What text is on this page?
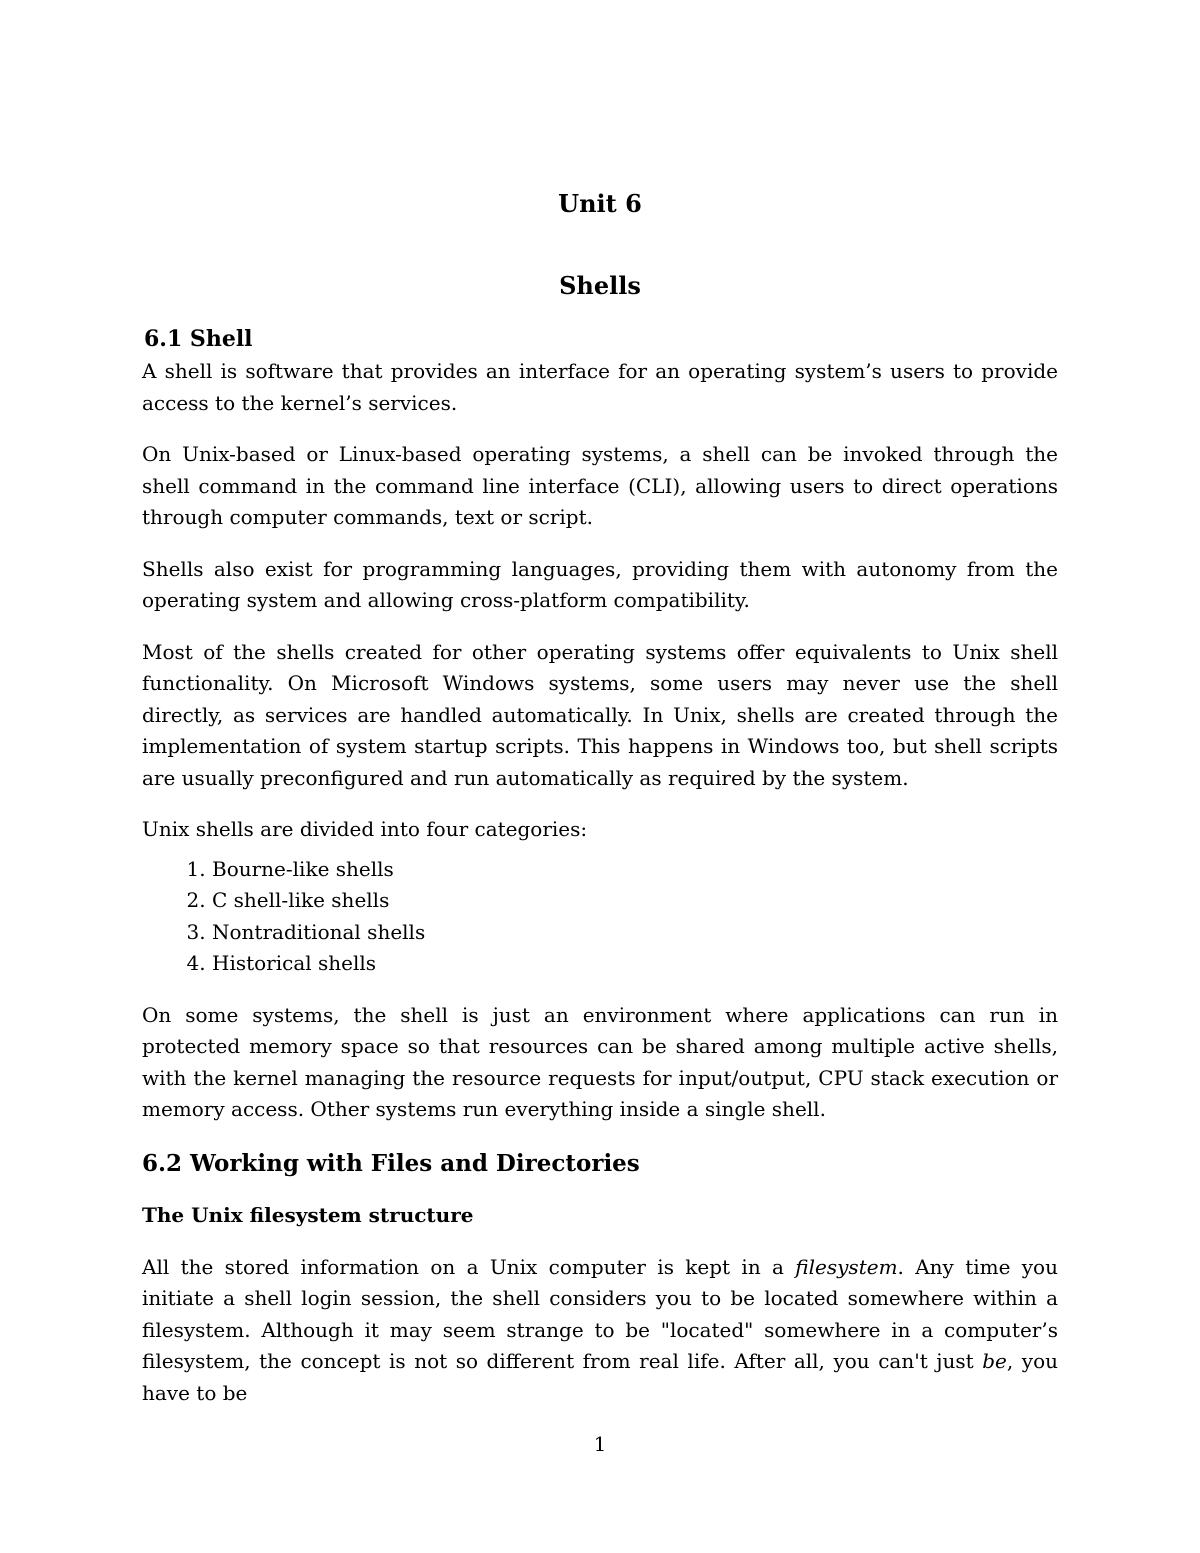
Unit 6
Shells
6.1 Shell

A shell is software that provides an interface for an operating system’s users to provide access to the kernel’s services.

On Unix-based or Linux-based operating systems, a shell can be invoked through the shell command in the command line interface (CLI), allowing users to direct operations through computer commands, text or script.

Shells also exist for programming languages, providing them with autonomy from the operating system and allowing cross-platform compatibility.

Most of the shells created for other operating systems offer equivalents to Unix shell functionality. On Microsoft Windows systems, some users may never use the shell directly, as services are handled automatically. In Unix, shells are created through the implementation of system startup scripts. This happens in Windows too, but shell scripts are usually preconfigured and run automatically as required by the system.

Unix shells are divided into four categories:

1. Bourne-like shells
2. C shell-like shells
3. Nontraditional shells
4. Historical shells

On some systems, the shell is just an environment where applications can run in protected memory space so that resources can be shared among multiple active shells, with the kernel managing the resource requests for input/output, CPU stack execution or memory access. Other systems run everything inside a single shell.

6.2 Working with Files and Directories
The Unix filesystem structure

All the stored information on a Unix computer is kept in a filesystem. Any time you initiate a shell login session, the shell considers you to be located somewhere within a filesystem. Although it may seem strange to be "located" somewhere in a computer’s filesystem, the concept is not so different from real life. After all, you can't just be, you have to be

1
